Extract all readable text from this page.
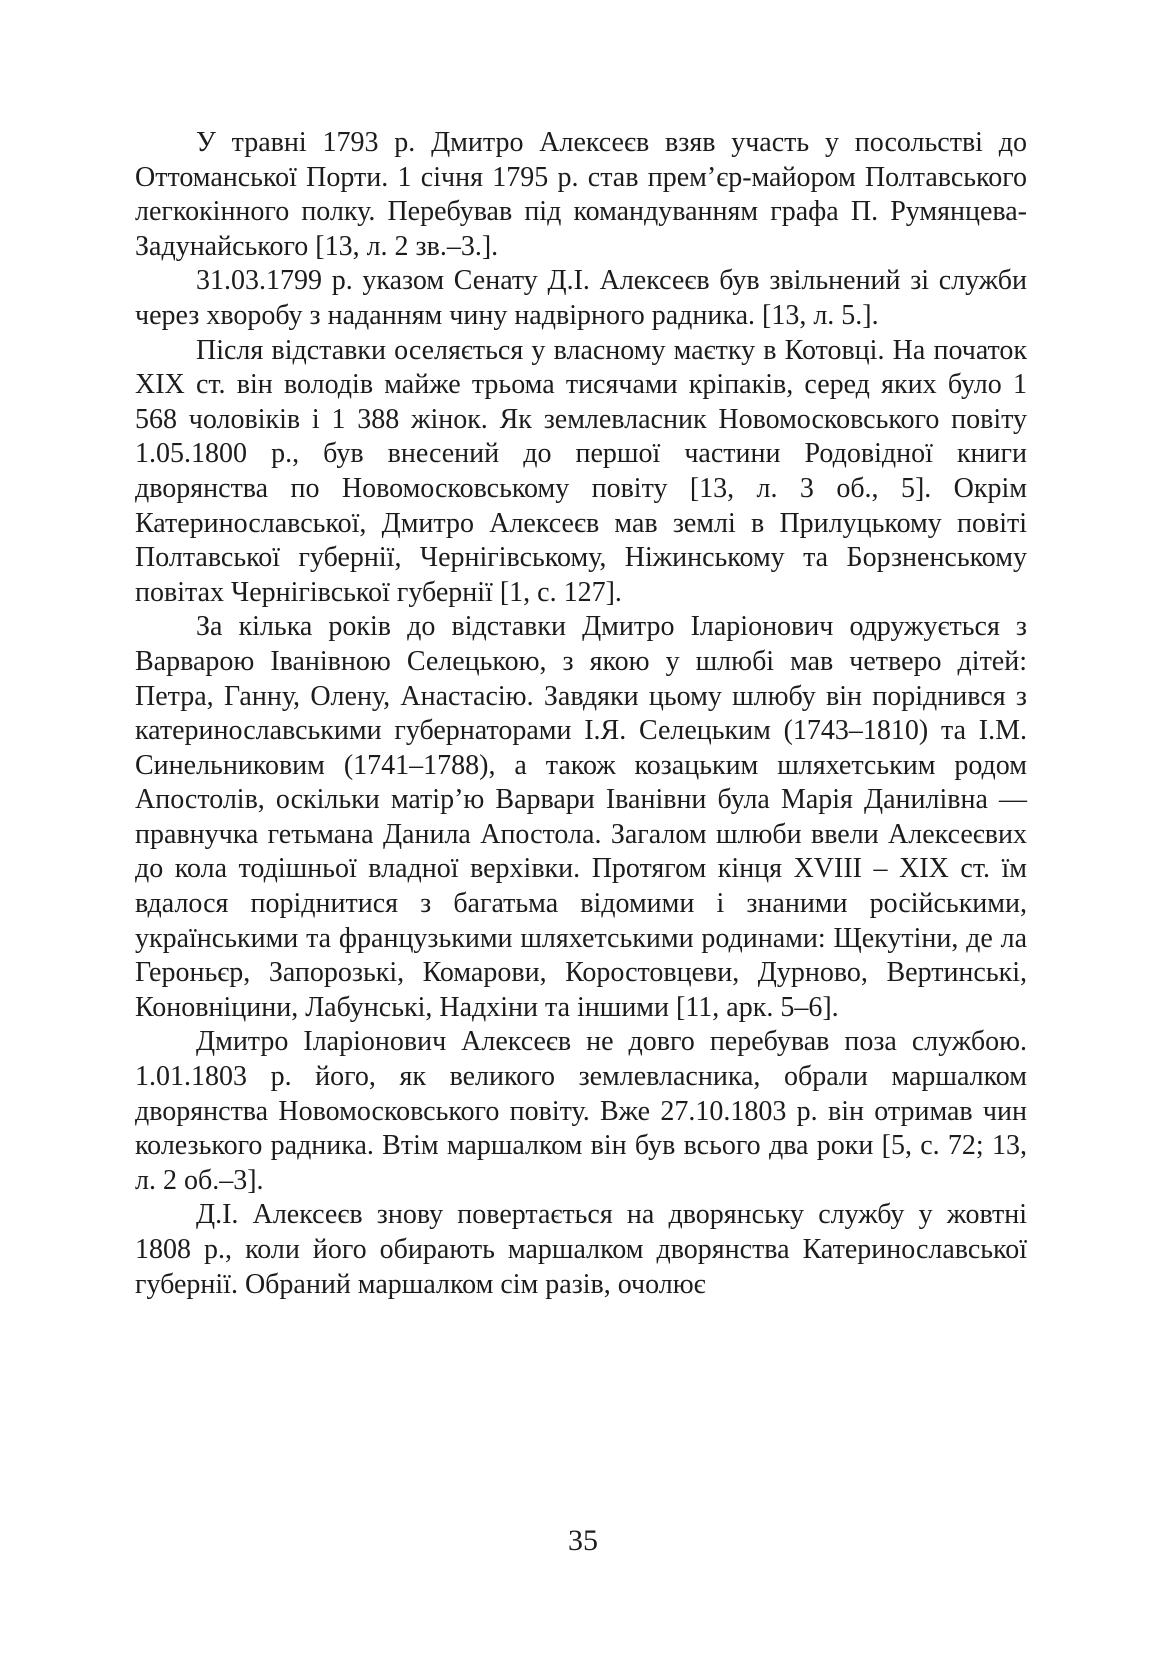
У травні 1793 р. Дмитро Алексеєв взяв участь у посольстві до Оттоманської Порти. 1 січня 1795 р. став прем’єр-майором Полтавського легкокінного полку. Перебував під командуванням графа П. Румянцева-Задунайського [13, л. 2 зв.–3.].

31.03.1799 р. указом Сенату Д.І. Алексеєв був звільнений зі служби через хворобу з наданням чину надвірного радника. [13, л. 5.].

Після відставки оселяється у власному маєтку в Котовці. На початок XIX ст. він володів майже трьома тисячами кріпаків, серед яких було 1 568 чоловіків і 1 388 жінок. Як землевласник Новомосковського повіту 1.05.1800 р., був внесений до першої частини Родовідної книги дворянства по Новомосковському повіту [13, л. 3 об., 5]. Окрім Катеринославської, Дмитро Алексеєв мав землі в Прилуцькому повіті Полтавської губернії, Чернігівському, Ніжинському та Борзненському повітах Чернігівської губернії [1, с. 127].

За кілька років до відставки Дмитро Іларіонович одружується з Варварою Іванівною Селецькою, з якою у шлюбі мав четверо дітей: Петра, Ганну, Олену, Анастасію. Завдяки цьому шлюбу він поріднився з катеринославськими губернаторами І.Я. Селецьким (1743–1810) та І.М. Синельниковим (1741–1788), а також козацьким шляхетським родом Апостолів, оскільки матір’ю Варвари Іванівни була Марія Данилівна — правнучка гетьмана Данила Апостола. Загалом шлюби ввели Алексеєвих до кола тодішньої владної верхівки. Протягом кінця XVIII – XIX ст. їм вдалося поріднитися з багатьма відомими і знаними російськими, українськими та французькими шляхетськими родинами: Щекутіни, де ла Героньєр, Запорозькі, Комарови, Коростовцеви, Дурново, Вертинські, Коновніцини, Лабунські, Надхіни та іншими [11, арк. 5–6].

Дмитро Іларіонович Алексеєв не довго перебував поза службою. 1.01.1803 р. його, як великого землевласника, обрали маршалком дворянства Новомосковського повіту. Вже 27.10.1803 р. він отримав чин колезького радника. Втім маршалком він був всього два роки [5, с. 72; 13, л. 2 об.–3].

Д.І. Алексеєв знову повертається на дворянську службу у жовтні 1808 р., коли його обирають маршалком дворянства Катеринославської губернії. Обраний маршалком сім разів, очолює

35
